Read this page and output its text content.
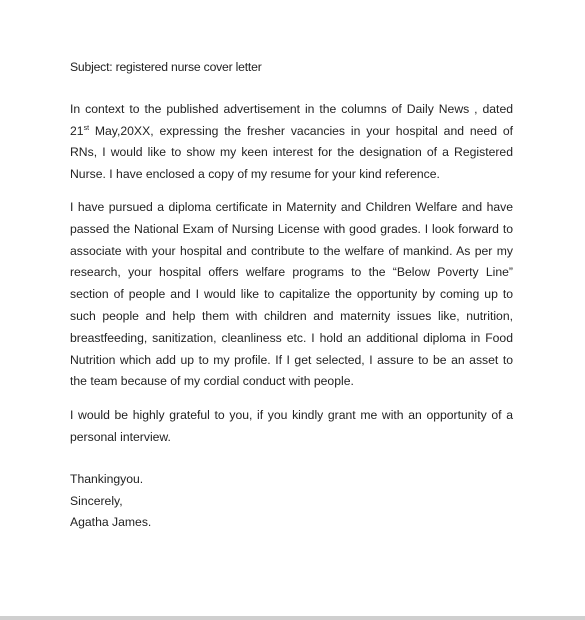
Subject: registered nurse cover letter

In context to the published advertisement in the columns of Daily News , dated 21st May,20XX, expressing the fresher vacancies in your hospital and need of RNs, I would like to show my keen interest for the designation of a Registered Nurse. I have enclosed a copy of my resume for your kind reference.

I have pursued a diploma certificate in Maternity and Children Welfare and have passed the National Exam of Nursing License with good grades. I look forward to associate with your hospital and contribute to the welfare of mankind. As per my research, your hospital offers welfare programs to the “Below Poverty Line” section of people and I would like to capitalize the opportunity by coming up to such people and help them with children and maternity issues like, nutrition, breastfeeding, sanitization, cleanliness etc. I hold an additional diploma in Food Nutrition which add up to my profile. If I get selected, I assure to be an asset to the team because of my cordial conduct with people.

I would be highly grateful to you, if you kindly grant me with an opportunity of a personal interview.

Thankingyou.

Sincerely,

Agatha James.
